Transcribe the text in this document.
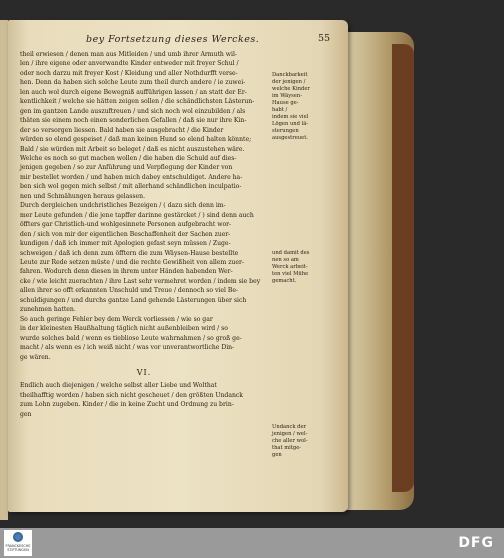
bey Fortsetzung dieses Werckes.	55

theil erwiesen / denen man aus Mitleiden / und umb ihrer Armuth wil-
len / ihre eigene oder anverwandte Kinder entweder mit freyer Schul /
oder noch darzu mit freyer Kost / Kleidung und aller Nothdurfft verse-
hen. Denn da haben sich solche Leute zum theil durch andere / ie zuwei-
len auch wol durch eigene Bewegniß aufführigen lassen / an statt der Er-
kentlichkeit / welche sie hätten zeigen sollen / die schändlichsten Lästerun-
gen im gantzen Lande auszuftreuen / und sich noch wol einzubilden / als
thäten sie einem noch einen sonderlichen Gefallen / daß sie nur ihre Kin-
der so versorgen liessen. Bald haben sie ausgebracht / die Kinder
würden so elend gespeiset / daß man keinen Hund so elend halten könnte;
Bald / sie würden mit Arbeit so beleget / daß es nicht auszustehen wäre.
Welche es noch so gut machen wollen / die haben die Schuld auf dies-
jenigen gegeben / so zur Anführung und Verpflegung der Kinder von
mir bestellet worden / und haben mich dabey entschuldiget. Andere ha-
ben sich wol gegen mich selbst / mit allerhand schändlichen inculpatio-
nen und Schmähungen heraus gelassen.

Durch dergleichen undchristliches Bezeigen / ( dazu sich denn im-
mer Leute gefunden / die jene tapffer darinne gestärcket / ) sind denn auch
öffters gar Christlich-und wohlgesinnete Personen aufgebracht wor-
den / sich von mir der eigentlichen Beschaffenheit der Sachen zuer-
kundigen / daß ich immer mit Apologien gefast seyn müssen / Zuge-
schweigen / daß ich denn zum öfftern die zum Wäysen-Hause bestellte
Leute zur Rede setzen müste / und die rechte Gewißheit von allem zuer-
fahren. Wodurch denn diesen in ihrem unter Händen habenden Wer-
cke / wie leicht zuerachten / ihre Last sehr vermehret worden / indem sie bey
allen ihrer so offt erkannten Unschuld und Treue / dennoch so viel Be-
schuldigungen / und durchs gantze Land gehende Lästerungen über sich
zunehmen hatten.

So auch geringe Fehler bey dem Werck vorliessen / wie so gar
in der kleinesten Haußhaltung täglich nicht außenbleiben wird / so
wurde solches bald / wenn es tiebliose Leute wahrnahmen / so groß ge-
macht / als wenn es / ich weiß nicht / was vor unverantwortliche Din-
ge wären.

VI.

Endlich auch diejenigen / welche selbst aller Liebe und Wolthat
theilhafftig worden / haben sich nicht gescheuet / den größten Undanck
zum Lohn zugeben. Kinder / die in keine Zucht und Ordnung zu brin-
gen

Danckbarkeit
der jenigen /
welche Kinder
im Wäysen-
Hause ge-
habt /
indem sie viel
Lögen und lä-
sterungen
ausgestreuet.
und damit des
nen so am
Werck arbeit-
ten viel Mühe
gemacht.
Undanck der
jenigen / wel-
che aller wol-
that mitge-
gen
FRANCKESCHE
STIFTUNGEN	DFG
